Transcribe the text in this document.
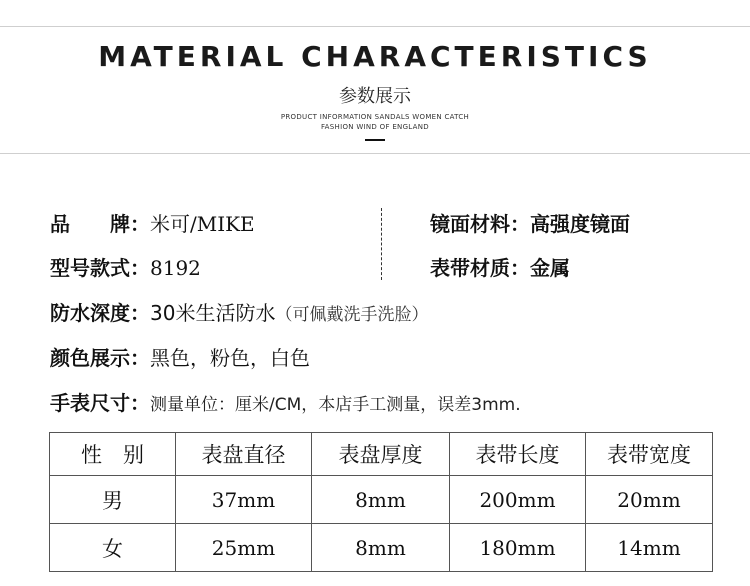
MATERIAL CHARACTERISTICS
参数展示
PRODUCT INFORMATION SANDALS WOMEN CATCH
FASHION WIND OF ENGLAND
品　　牌：米可/MIKE
型号款式：8192
镜面材料：高强度镜面
表带材质：金属
防水深度：30米生活防水（可佩戴洗手洗脸）
颜色展示：黑色，粉色，白色
手表尺寸：测量单位：厘米/CM，本店手工测量，误差3mm.
性　别	表盘直径	表盘厚度	表带长度	表带宽度
男	37mm	8mm	200mm	20mm
女	25mm	8mm	180mm	14mm
